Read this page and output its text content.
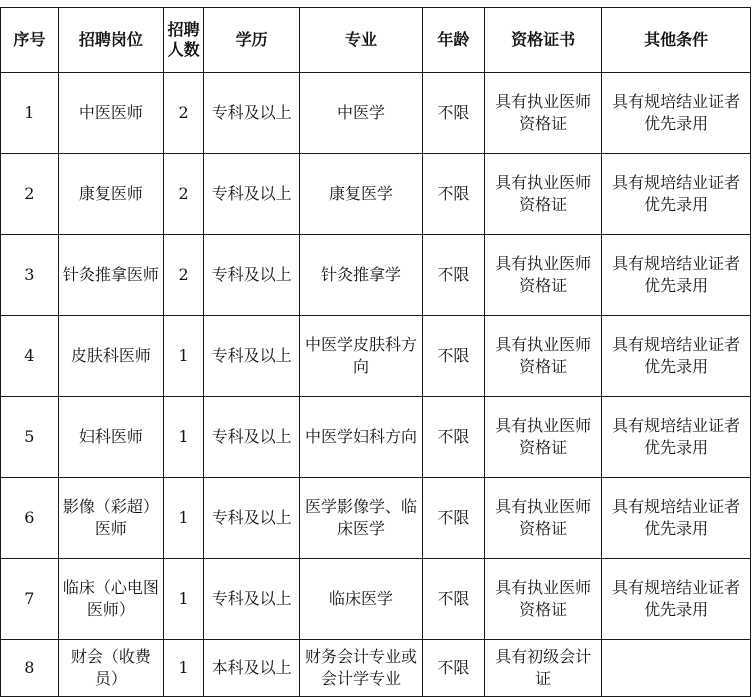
序号	招聘岗位	招聘人数	学历	专业	年龄	资格证书	其他条件
1	中医医师	2	专科及以上	中医学	不限	具有执业医师资格证	具有规培结业证者优先录用
2	康复医师	2	专科及以上	康复医学	不限	具有执业医师资格证	具有规培结业证者优先录用
3	针灸推拿医师	2	专科及以上	针灸推拿学	不限	具有执业医师资格证	具有规培结业证者优先录用
4	皮肤科医师	1	专科及以上	中医学皮肤科方向	不限	具有执业医师资格证	具有规培结业证者优先录用
5	妇科医师	1	专科及以上	中医学妇科方向	不限	具有执业医师资格证	具有规培结业证者优先录用
6	影像（彩超）医师	1	专科及以上	医学影像学、临床医学	不限	具有执业医师资格证	具有规培结业证者优先录用
7	临床（心电图医师）	1	专科及以上	临床医学	不限	具有执业医师资格证	具有规培结业证者优先录用
8	财会（收费员）	1	本科及以上	财务会计专业或会计学专业	不限	具有初级会计证	
